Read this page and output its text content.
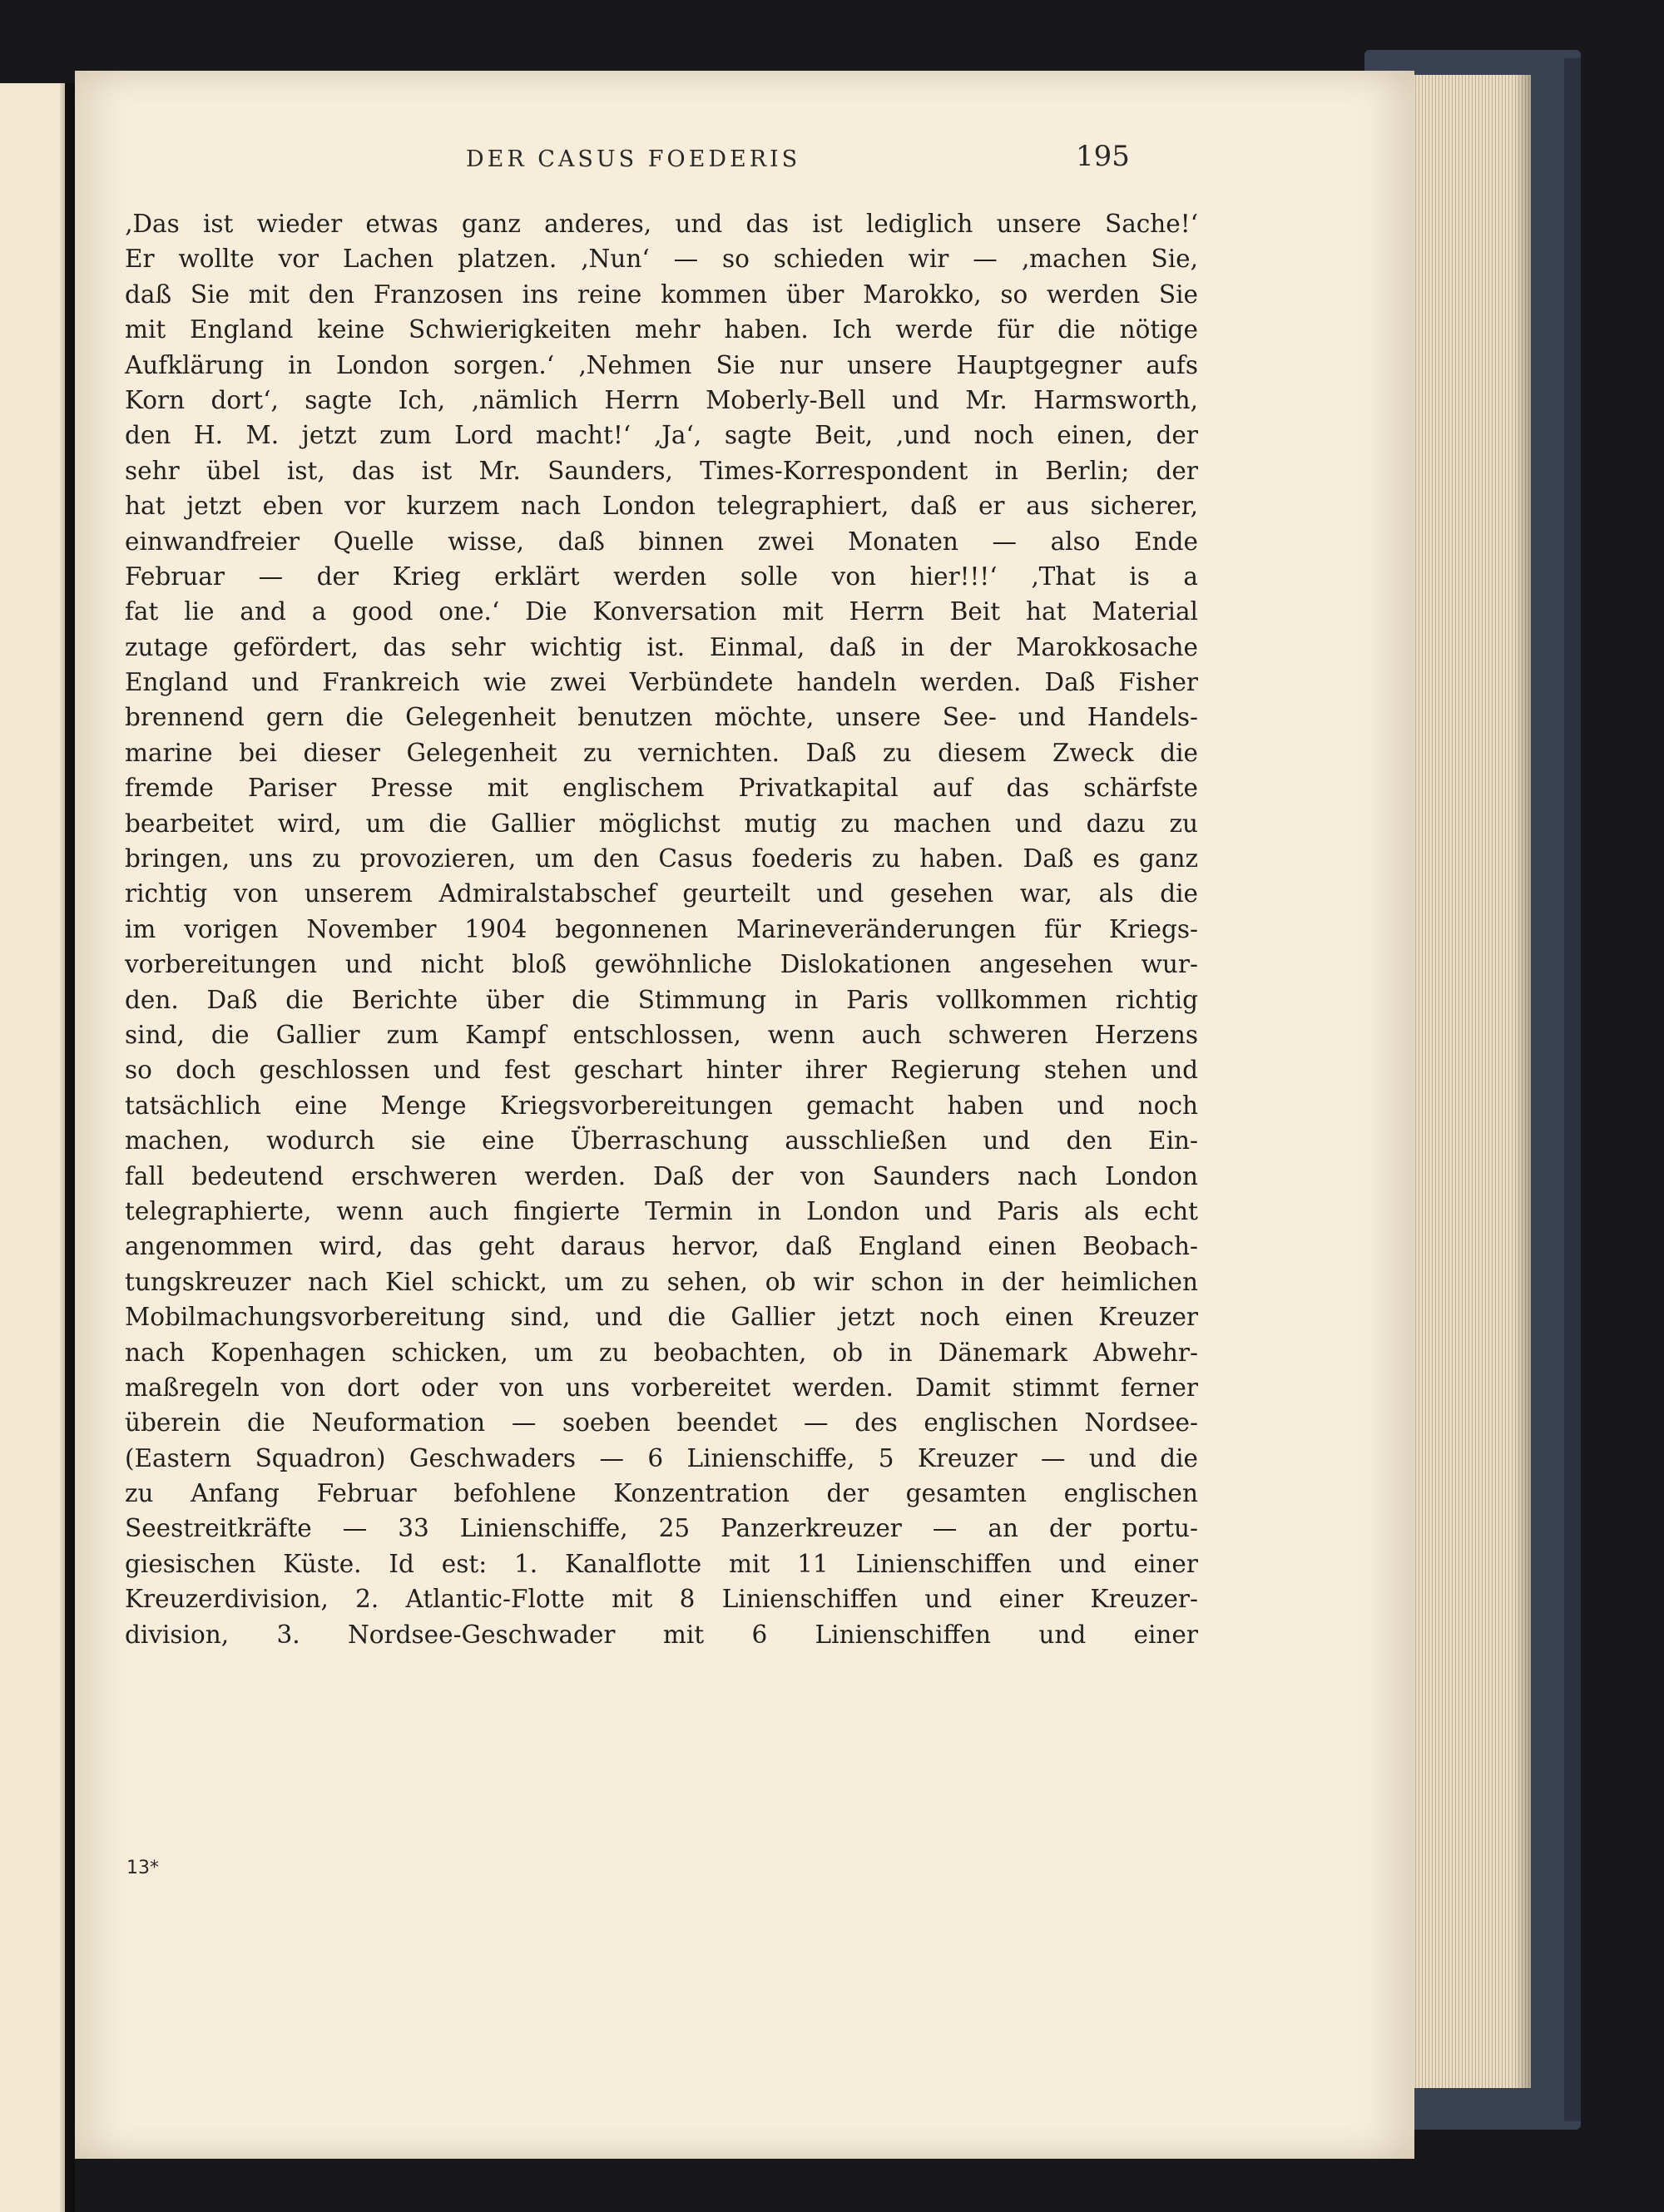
DER CASUS FOEDERIS	195
‚Das ist wieder etwas ganz anderes, und das ist lediglich unsere Sache!‘
Er wollte vor Lachen platzen. ‚Nun‘ — so schieden wir — ‚machen Sie,
daß Sie mit den Franzosen ins reine kommen über Marokko, so werden Sie
mit England keine Schwierigkeiten mehr haben. Ich werde für die nötige
Aufklärung in London sorgen.‘ ‚Nehmen Sie nur unsere Hauptgegner aufs
Korn dort‘, sagte Ich, ‚nämlich Herrn Moberly-Bell und Mr. Harmsworth,
den H. M. jetzt zum Lord macht!‘ ‚Ja‘, sagte Beit, ‚und noch einen, der
sehr übel ist, das ist Mr. Saunders, Times-Korrespondent in Berlin; der
hat jetzt eben vor kurzem nach London telegraphiert, daß er aus sicherer,
einwandfreier Quelle wisse, daß binnen zwei Monaten — also Ende
Februar — der Krieg erklärt werden solle von hier!!!‘ ‚That is a
fat lie and a good one.‘ Die Konversation mit Herrn Beit hat Material
zutage gefördert, das sehr wichtig ist. Einmal, daß in der Marokkosache
England und Frankreich wie zwei Verbündete handeln werden. Daß Fisher
brennend gern die Gelegenheit benutzen möchte, unsere See- und Handels-
marine bei dieser Gelegenheit zu vernichten. Daß zu diesem Zweck die
fremde Pariser Presse mit englischem Privatkapital auf das schärfste
bearbeitet wird, um die Gallier möglichst mutig zu machen und dazu zu
bringen, uns zu provozieren, um den Casus foederis zu haben. Daß es ganz
richtig von unserem Admiralstabschef geurteilt und gesehen war, als die
im vorigen November 1904 begonnenen Marineveränderungen für Kriegs-
vorbereitungen und nicht bloß gewöhnliche Dislokationen angesehen wur-
den. Daß die Berichte über die Stimmung in Paris vollkommen richtig
sind, die Gallier zum Kampf entschlossen, wenn auch schweren Herzens
so doch geschlossen und fest geschart hinter ihrer Regierung stehen und
tatsächlich eine Menge Kriegsvorbereitungen gemacht haben und noch
machen, wodurch sie eine Überraschung ausschließen und den Ein-
fall bedeutend erschweren werden. Daß der von Saunders nach London
telegraphierte, wenn auch fingierte Termin in London und Paris als echt
angenommen wird, das geht daraus hervor, daß England einen Beobach-
tungskreuzer nach Kiel schickt, um zu sehen, ob wir schon in der heimlichen
Mobilmachungsvorbereitung sind, und die Gallier jetzt noch einen Kreuzer
nach Kopenhagen schicken, um zu beobachten, ob in Dänemark Abwehr-
maßregeln von dort oder von uns vorbereitet werden. Damit stimmt ferner
überein die Neuformation — soeben beendet — des englischen Nordsee-
(Eastern Squadron) Geschwaders — 6 Linienschiffe, 5 Kreuzer — und die
zu Anfang Februar befohlene Konzentration der gesamten englischen
Seestreitkräfte — 33 Linienschiffe, 25 Panzerkreuzer — an der portu-
giesischen Küste. Id est: 1. Kanalflotte mit 11 Linienschiffen und einer
Kreuzerdivision, 2. Atlantic-Flotte mit 8 Linienschiffen und einer Kreuzer-
division, 3. Nordsee-Geschwader mit 6 Linienschiffen und einer
13*
